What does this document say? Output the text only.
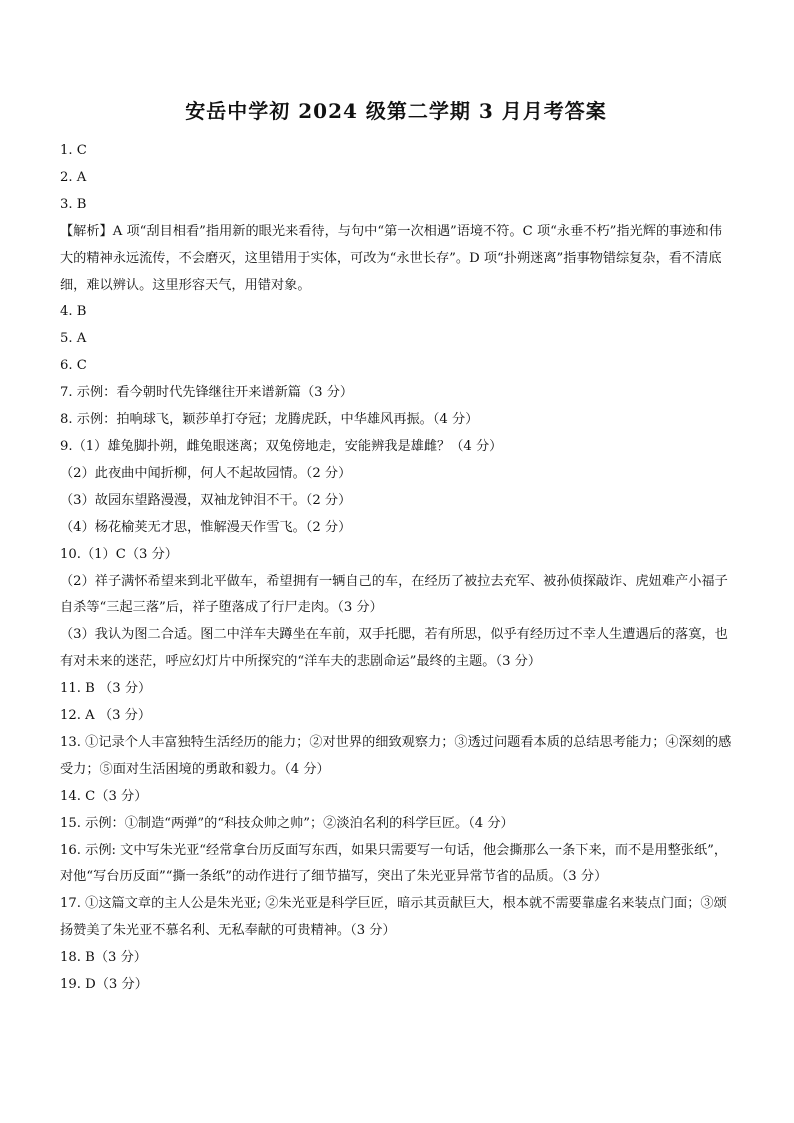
安岳中学初 2024 级第二学期 3 月月考答案
1. C
2. A
3. B
【解析】A 项“刮目相看”指用新的眼光来看待，与句中“第一次相遇”语境不符。C 项“永垂不朽”指光辉的事迹和伟大的精神永远流传，不会磨灭，这里错用于实体，可改为“永世长存”。D 项“扑朔迷离”指事物错综复杂，看不清底细，难以辨认。这里形容天气，用错对象。
4. B
5. A
6. C
7. 示例：看今朝时代先锋继往开来谱新篇（3 分）
8. 示例：拍响球飞，颖莎单打夺冠；龙腾虎跃，中华雄风再振。（4 分）
9.（1）雄兔脚扑朔，雌兔眼迷离；双兔傍地走，安能辨我是雄雌？（4 分）
（2）此夜曲中闻折柳，何人不起故园情。（2 分）
（3）故园东望路漫漫，双袖龙钟泪不干。（2 分）
（4）杨花榆荚无才思，惟解漫天作雪飞。（2 分）
10.（1）C（3 分）
（2）祥子满怀希望来到北平做车，希望拥有一辆自己的车，在经历了被拉去充军、被孙侦探敲诈、虎妞难产小福子自杀等“三起三落”后，祥子堕落成了行尸走肉。（3 分）
（3）我认为图二合适。图二中洋车夫蹲坐在车前，双手托腮，若有所思，似乎有经历过不幸人生遭遇后的落寞，也有对未来的迷茫，呼应幻灯片中所探究的“洋车夫的悲剧命运”最终的主题。（3 分）
11. B （3 分）
12. A （3 分）
13. ①记录个人丰富独特生活经历的能力；②对世界的细致观察力；③透过问题看本质的总结思考能力；④深刻的感受力；⑤面对生活困境的勇敢和毅力。（4 分）
14. C（3 分）
15. 示例：①制造“两弹”的“科技众帅之帅”；②淡泊名利的科学巨匠。（4 分）
16. 示例: 文中写朱光亚“经常拿台历反面写东西，如果只需要写一句话，他会撕那么一条下来，而不是用整张纸”，对他“写台历反面”“撕一条纸”的动作进行了细节描写，突出了朱光亚异常节省的品质。（3 分）
17. ①这篇文章的主人公是朱光亚; ②朱光亚是科学巨匠，暗示其贡献巨大，根本就不需要靠虚名来装点门面；③颂扬赞美了朱光亚不慕名利、无私奉献的可贵精神。（3 分）
18. B（3 分）
19. D（3 分）
